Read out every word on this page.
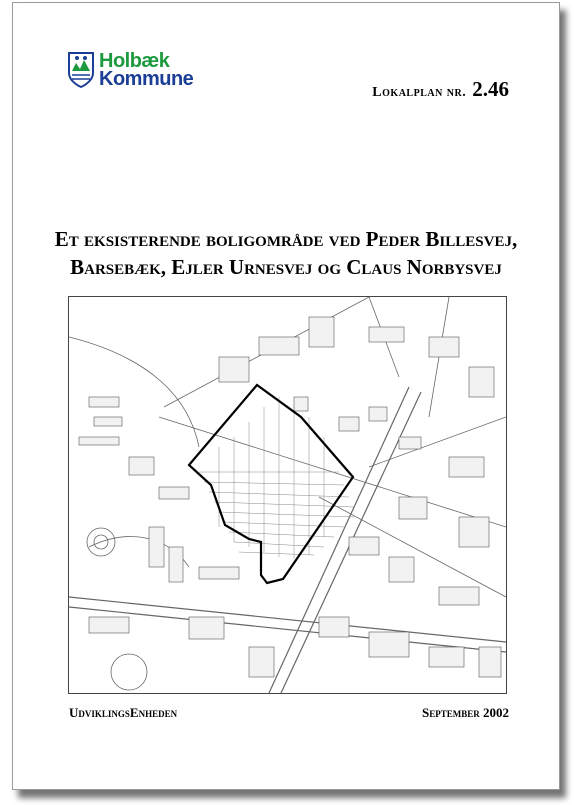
Holbæk
Kommune
Lokalplan nr. 2.46
Et eksisterende boligområde ved Peder Billesvej,
Barsebæk, Ejler Urnesvej og Claus Norbysvej
UdviklingsEnheden	September 2002
